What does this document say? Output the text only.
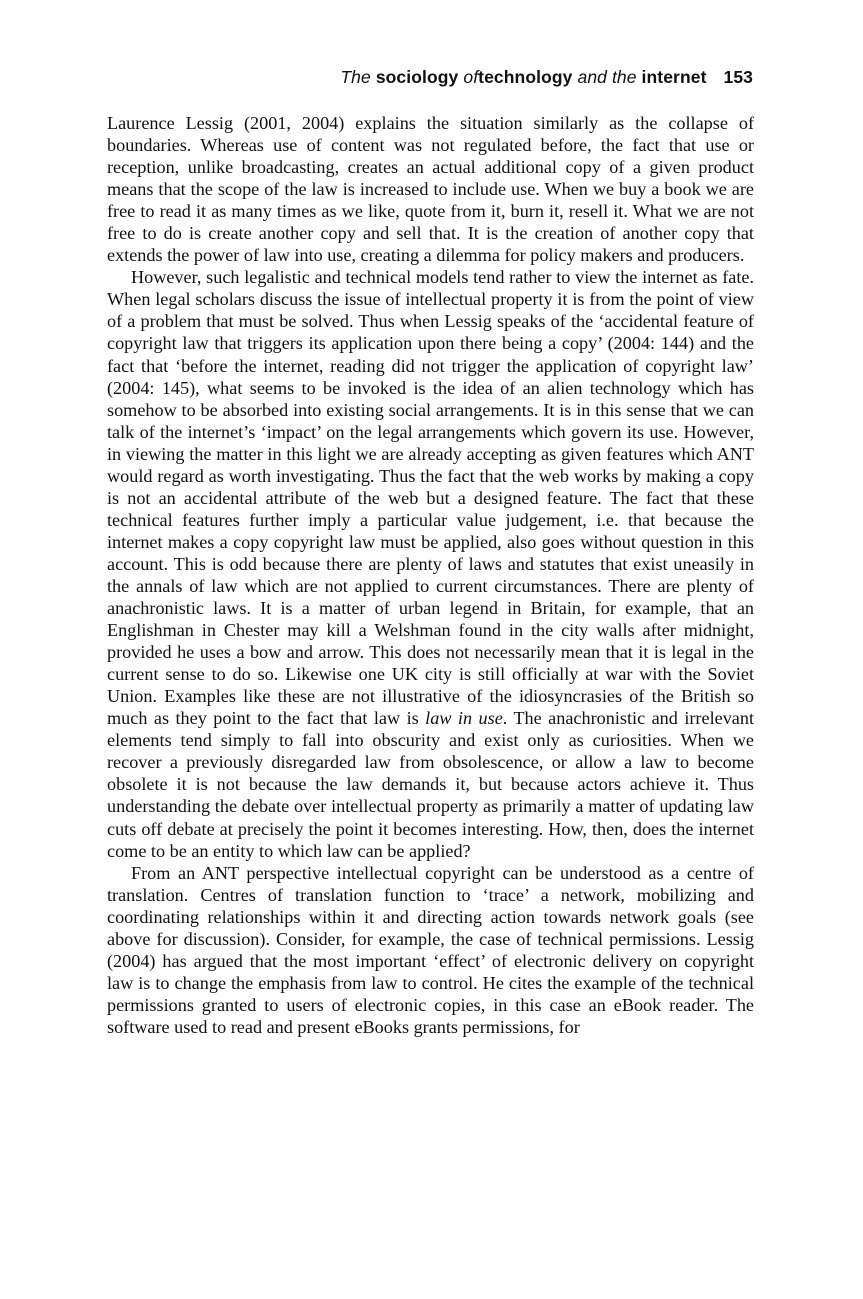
The sociology oftechnology and the internet 153

Laurence Lessig (2001, 2004) explains the situation similarly as the collapse of boundaries. Whereas use of content was not regulated before, the fact that use or reception, unlike broadcasting, creates an actual additional copy of a given product means that the scope of the law is increased to include use. When we buy a book we are free to read it as many times as we like, quote from it, burn it, resell it. What we are not free to do is create another copy and sell that. It is the creation of another copy that extends the power of law into use, creating a dilemma for policy makers and producers.

However, such legalistic and technical models tend rather to view the internet as fate. When legal scholars discuss the issue of intellectual property it is from the point of view of a problem that must be solved. Thus when Lessig speaks of the ‘accidental feature of copyright law that triggers its application upon there being a copy’ (2004: 144) and the fact that ‘before the internet, reading did not trigger the application of copyright law’ (2004: 145), what seems to be invoked is the idea of an alien technology which has somehow to be absorbed into existing social arrangements. It is in this sense that we can talk of the internet’s ‘impact’ on the legal arrangements which govern its use. However, in viewing the matter in this light we are already accepting as given features which ANT would regard as worth investigating. Thus the fact that the web works by making a copy is not an accidental attribute of the web but a designed feature. The fact that these technical features further imply a particular value judgement, i.e. that because the internet makes a copy copyright law must be applied, also goes without question in this account. This is odd because there are plenty of laws and statutes that exist uneasily in the annals of law which are not applied to current circumstances. There are plenty of anachronistic laws. It is a matter of urban legend in Britain, for example, that an Englishman in Chester may kill a Welshman found in the city walls after midnight, provided he uses a bow and arrow. This does not necessarily mean that it is legal in the current sense to do so. Likewise one UK city is still officially at war with the Soviet Union. Examples like these are not illustrative of the idiosyncrasies of the British so much as they point to the fact that law is law in use. The anachronistic and irrelevant elements tend simply to fall into obscurity and exist only as curiosities. When we recover a previously disregarded law from obsolescence, or allow a law to become obsolete it is not because the law demands it, but because actors achieve it. Thus understanding the debate over intellectual property as primarily a matter of updating law cuts off debate at precisely the point it becomes interesting. How, then, does the internet come to be an entity to which law can be applied?

From an ANT perspective intellectual copyright can be understood as a centre of translation. Centres of translation function to ‘trace’ a network, mobilizing and coordinating relationships within it and directing action towards network goals (see above for discussion). Consider, for example, the case of technical permissions. Lessig (2004) has argued that the most important ‘effect’ of electronic delivery on copyright law is to change the emphasis from law to control. He cites the example of the technical permissions granted to users of electronic copies, in this case an eBook reader. The software used to read and present eBooks grants permissions, for
